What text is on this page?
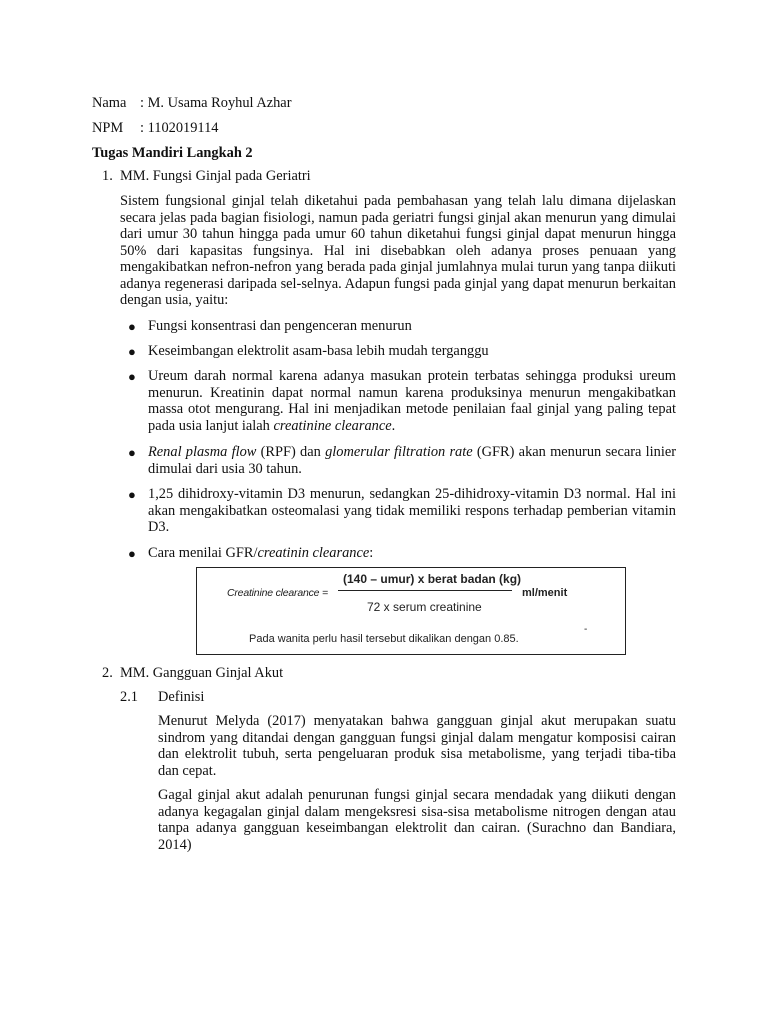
Nama : M. Usama Royhul Azhar
NPM : 1102019114
Tugas Mandiri Langkah 2
1. MM. Fungsi Ginjal pada Geriatri
Sistem fungsional ginjal telah diketahui pada pembahasan yang telah lalu dimana dijelaskan secara jelas pada bagian fisiologi, namun pada geriatri fungsi ginjal akan menurun yang dimulai dari umur 30 tahun hingga pada umur 60 tahun diketahui fungsi ginjal dapat menurun hingga 50% dari kapasitas fungsinya. Hal ini disebabkan oleh adanya proses penuaan yang mengakibatkan nefron-nefron yang berada pada ginjal jumlahnya mulai turun yang tanpa diikuti adanya regenerasi daripada sel-selnya. Adapun fungsi pada ginjal yang dapat menurun berkaitan dengan usia, yaitu:
● Fungsi konsentrasi dan pengenceran menurun
● Keseimbangan elektrolit asam-basa lebih mudah terganggu
● Ureum darah normal karena adanya masukan protein terbatas sehingga produksi ureum menurun. Kreatinin dapat normal namun karena produksinya menurun mengakibatkan massa otot mengurang. Hal ini menjadikan metode penilaian faal ginjal yang paling tepat pada usia lanjut ialah creatinine clearance.
● Renal plasma flow (RPF) dan glomerular filtration rate (GFR) akan menurun secara linier dimulai dari usia 30 tahun.
● 1,25 dihidroxy-vitamin D3 menurun, sedangkan 25-dihidroxy-vitamin D3 normal. Hal ini akan mengakibatkan osteomalasi yang tidak memiliki respons terhadap pemberian vitamin D3.
● Cara menilai GFR/creatinin clearance:
Creatinine clearance =
(140 – umur) x berat badan (kg)
72 x serum creatinine
ml/menit
Pada wanita perlu hasil tersebut dikalikan dengan 0.85.
-
2. MM. Gangguan Ginjal Akut
2.1 Definisi
Menurut Melyda (2017) menyatakan bahwa gangguan ginjal akut merupakan suatu sindrom yang ditandai dengan gangguan fungsi ginjal dalam mengatur komposisi cairan dan elektrolit tubuh, serta pengeluaran produk sisa metabolisme, yang terjadi tiba-tiba dan cepat.
Gagal ginjal akut adalah penurunan fungsi ginjal secara mendadak yang diikuti dengan adanya kegagalan ginjal dalam mengeksresi sisa-sisa metabolisme nitrogen dengan atau tanpa adanya gangguan keseimbangan elektrolit dan cairan. (Surachno dan Bandiara, 2014)
